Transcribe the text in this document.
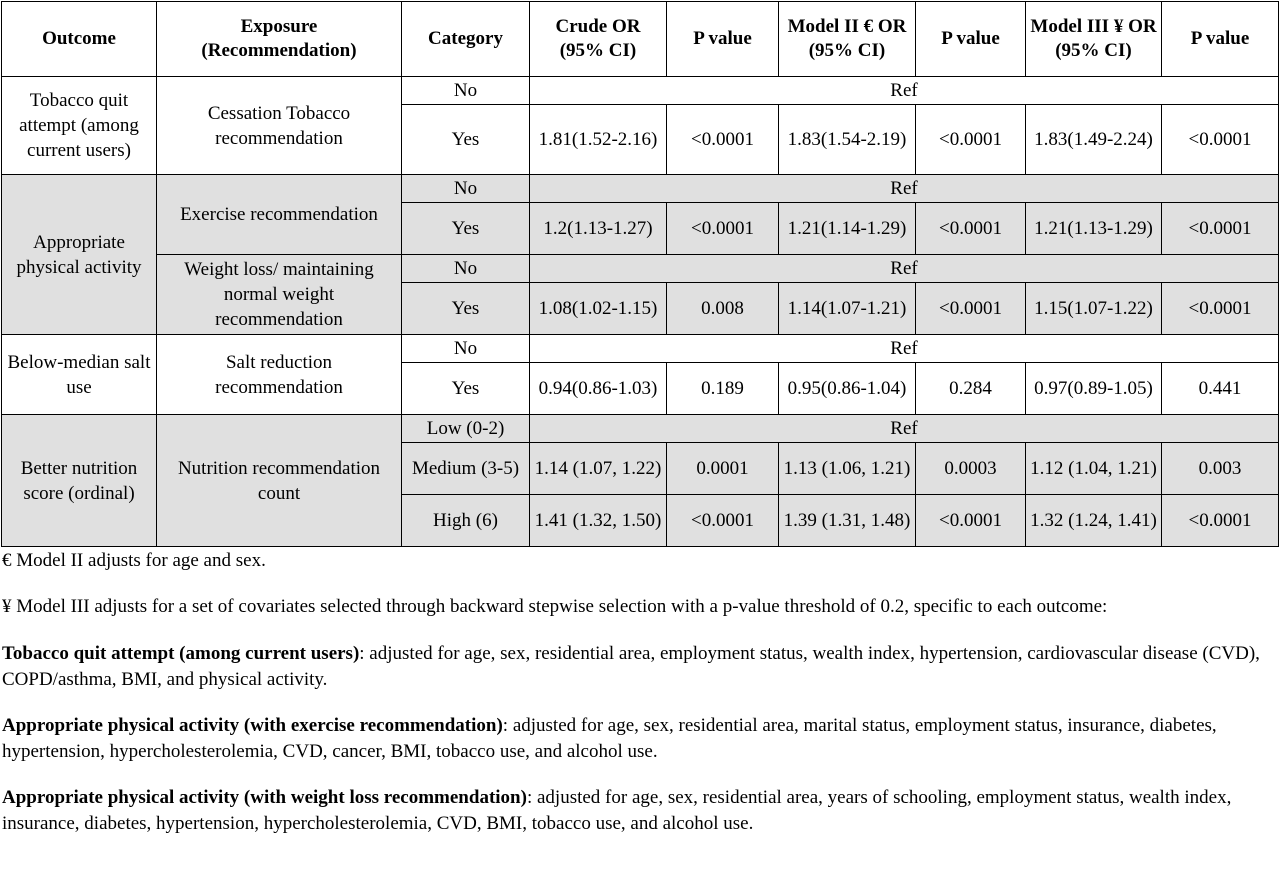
Outcome	Exposure (Recommendation)	Category	Crude OR (95% CI)	P value	Model II € OR (95% CI)	P value	Model III ¥ OR (95% CI)	P value
Tobacco quit attempt (among current users)	Cessation Tobacco recommendation	No	Ref					
		Yes	1.81(1.52-2.16)	<0.0001	1.83(1.54-2.19)	<0.0001	1.83(1.49-2.24)	<0.0001
Appropriate physical activity	Exercise recommendation	No	Ref					
		Yes	1.2(1.13-1.27)	<0.0001	1.21(1.14-1.29)	<0.0001	1.21(1.13-1.29)	<0.0001
	Weight loss/ maintaining normal weight recommendation	No	Ref					
		Yes	1.08(1.02-1.15)	0.008	1.14(1.07-1.21)	<0.0001	1.15(1.07-1.22)	<0.0001
Below-median salt use	Salt reduction recommendation	No	Ref					
		Yes	0.94(0.86-1.03)	0.189	0.95(0.86-1.04)	0.284	0.97(0.89-1.05)	0.441
Better nutrition score (ordinal)	Nutrition recommendation count	Low (0-2)	Ref					
		Medium (3-5)	1.14 (1.07, 1.22)	0.0001	1.13 (1.06, 1.21)	0.0003	1.12 (1.04, 1.21)	0.003
		High (6)	1.41 (1.32, 1.50)	<0.0001	1.39 (1.31, 1.48)	<0.0001	1.32 (1.24, 1.41)	<0.0001

€ Model II adjusts for age and sex.

¥ Model III adjusts for a set of covariates selected through backward stepwise selection with a p-value threshold of 0.2, specific to each outcome:

Tobacco quit attempt (among current users): adjusted for age, sex, residential area, employment status, wealth index, hypertension, cardiovascular disease (CVD), COPD/asthma, BMI, and physical activity.

Appropriate physical activity (with exercise recommendation): adjusted for age, sex, residential area, marital status, employment status, insurance, diabetes, hypertension, hypercholesterolemia, CVD, cancer, BMI, tobacco use, and alcohol use.

Appropriate physical activity (with weight loss recommendation): adjusted for age, sex, residential area, years of schooling, employment status, wealth index, insurance, diabetes, hypertension, hypercholesterolemia, CVD, BMI, tobacco use, and alcohol use.
